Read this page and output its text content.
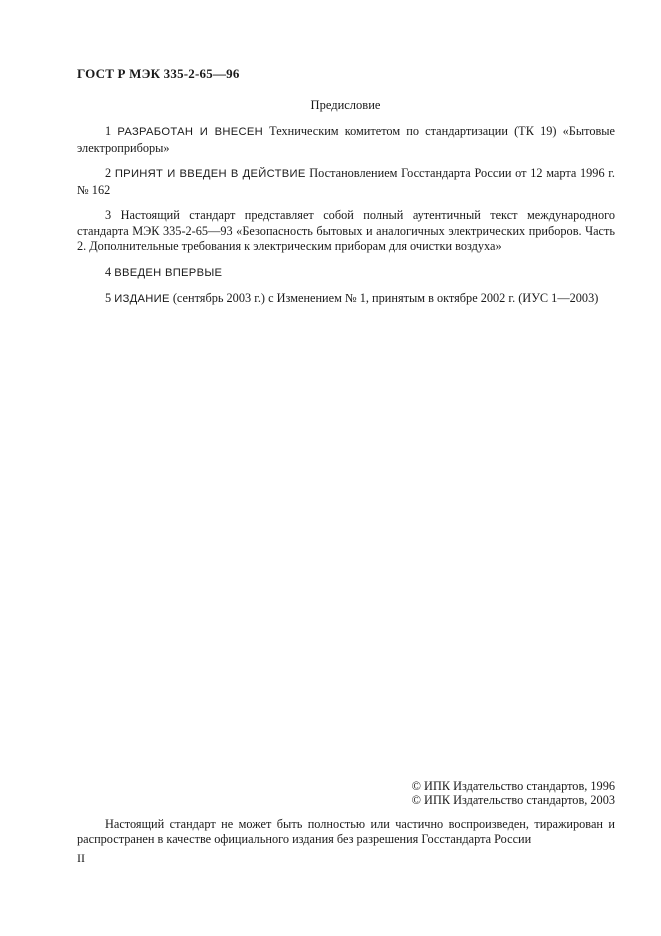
ГОСТ Р МЭК 335-2-65—96
Предисловие

1 РАЗРАБОТАН И ВНЕСЕН Техническим комитетом по стандартизации (ТК 19) «Бытовые электроприборы»

2 ПРИНЯТ И ВВЕДЕН В ДЕЙСТВИЕ Постановлением Госстандарта России от 12 марта 1996 г. № 162

3 Настоящий стандарт представляет собой полный аутентичный текст международного стандарта МЭК 335-2-65—93 «Безопасность бытовых и аналогичных электрических приборов. Часть 2. Дополнительные требования к электрическим приборам для очистки воздуха»

4 ВВЕДЕН ВПЕРВЫЕ

5 ИЗДАНИЕ (сентябрь 2003 г.) с Изменением № 1, принятым в октябре 2002 г. (ИУС 1—2003)

© ИПК Издательство стандартов, 1996
© ИПК Издательство стандартов, 2003

Настоящий стандарт не может быть полностью или частично воспроизведен, тиражирован и распространен в качестве официального издания без разрешения Госстандарта России

II
